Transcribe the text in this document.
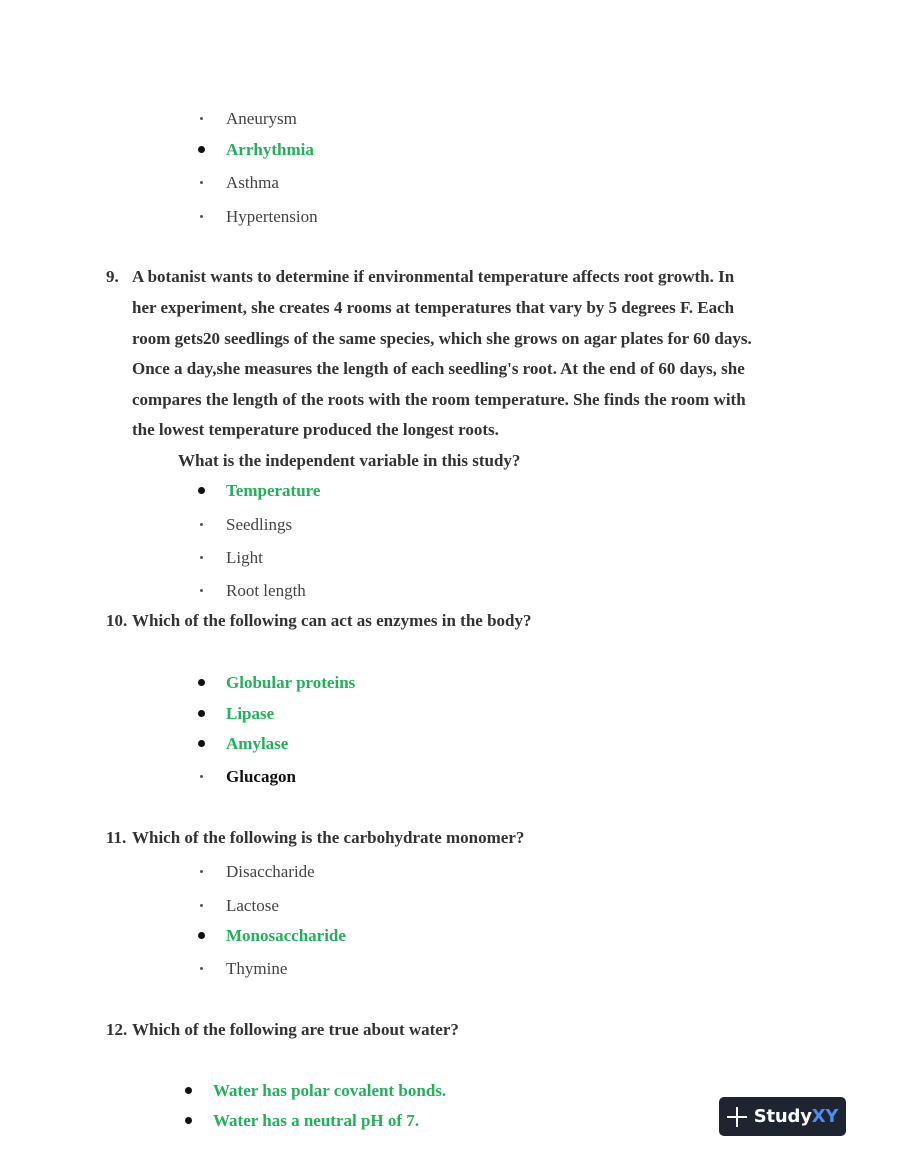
Aneurysm
Arrhythmia
Asthma
Hypertension
9. A botanist wants to determine if environmental temperature affects root growth. In
her experiment, she creates 4 rooms at temperatures that vary by 5 degrees F. Each
room gets20 seedlings of the same species, which she grows on agar plates for 60 days.
Once a day,she measures the length of each seedling's root. At the end of 60 days, she
compares the length of the roots with the room temperature. She finds the room with
the lowest temperature produced the longest roots.
What is the independent variable in this study?
Temperature
Seedlings
Light
Root length
10. Which of the following can act as enzymes in the body?
Globular proteins
Lipase
Amylase
Glucagon
11. Which of the following is the carbohydrate monomer?
Disaccharide
Lactose
Monosaccharide
Thymine
12. Which of the following are true about water?
Water has polar covalent bonds.
Water has a neutral pH of 7.	StudyXY
